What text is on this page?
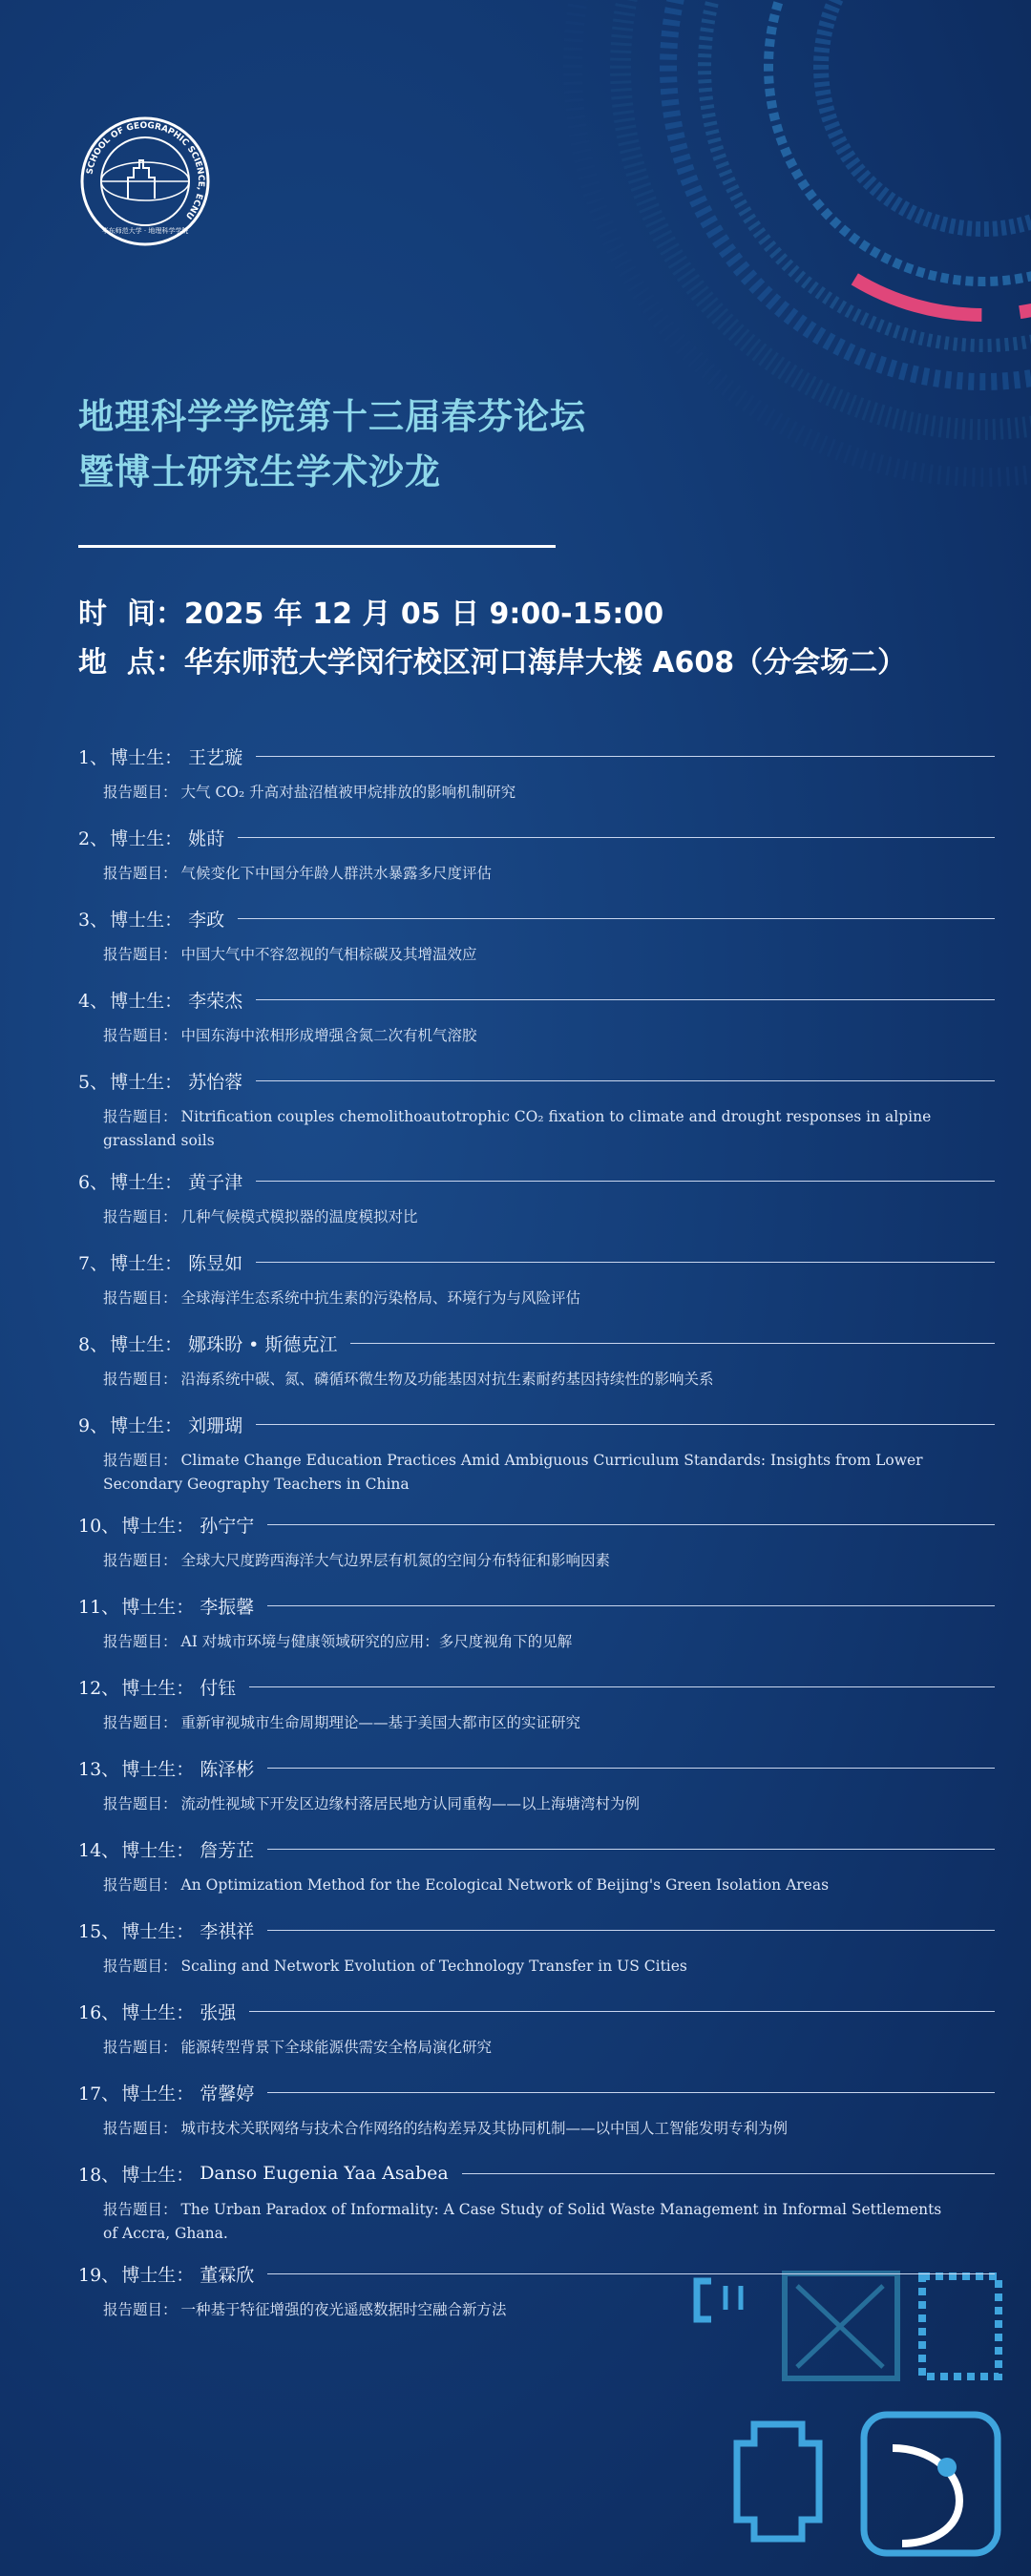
SCHOOL OF GEOGRAPHIC SCIENCE, ECNU
华东师范大学 · 地理科学学院
地理科学学院第十三届春芬论坛
暨博士研究生学术沙龙
时  间：2025 年 12 月 05 日 9:00-15:00
地  点：华东师范大学闵行校区河口海岸大楼 A608（分会场二）
1、 博士生： 王艺璇
报告题目： 大气 CO₂ 升高对盐沼植被甲烷排放的影响机制研究
2、 博士生： 姚莳
报告题目： 气候变化下中国分年龄人群洪水暴露多尺度评估
3、 博士生： 李政
报告题目： 中国大气中不容忽视的气相棕碳及其增温效应
4、 博士生： 李荣杰
报告题目： 中国东海中浓相形成增强含氮二次有机气溶胶
5、 博士生： 苏怡蓉
报告题目： Nitrification couples chemolithoautotrophic CO₂ fixation to climate and drought responses in alpine grassland soils
6、 博士生： 黄子津
报告题目： 几种气候模式模拟器的温度模拟对比
7、 博士生： 陈昱如
报告题目： 全球海洋生态系统中抗生素的污染格局、环境行为与风险评估
8、 博士生： 娜珠盼 • 斯德克江
报告题目： 沿海系统中碳、氮、磷循环微生物及功能基因对抗生素耐药基因持续性的影响关系
9、 博士生： 刘珊瑚
报告题目： Climate Change Education Practices Amid Ambiguous Curriculum Standards: Insights from Lower Secondary Geography Teachers in China
10、 博士生： 孙宁宁
报告题目： 全球大尺度跨西海洋大气边界层有机氮的空间分布特征和影响因素
11、 博士生： 李振馨
报告题目： AI 对城市环境与健康领域研究的应用：多尺度视角下的见解
12、 博士生： 付钰
报告题目： 重新审视城市生命周期理论——基于美国大都市区的实证研究
13、 博士生： 陈泽彬
报告题目： 流动性视域下开发区边缘村落居民地方认同重构——以上海塘湾村为例
14、 博士生： 詹芳芷
报告题目： An Optimization Method for the Ecological Network of Beijing's Green Isolation Areas
15、 博士生： 李祺祥
报告题目： Scaling and Network Evolution of Technology Transfer in US Cities
16、 博士生： 张强
报告题目： 能源转型背景下全球能源供需安全格局演化研究
17、 博士生： 常馨婷
报告题目： 城市技术关联网络与技术合作网络的结构差异及其协同机制——以中国人工智能发明专利为例
18、 博士生： Danso Eugenia Yaa Asabea
报告题目： The Urban Paradox of Informality: A Case Study of Solid Waste Management in Informal Settlements of Accra, Ghana.
19、 博士生： 董霖欣
报告题目： 一种基于特征增强的夜光遥感数据时空融合新方法
